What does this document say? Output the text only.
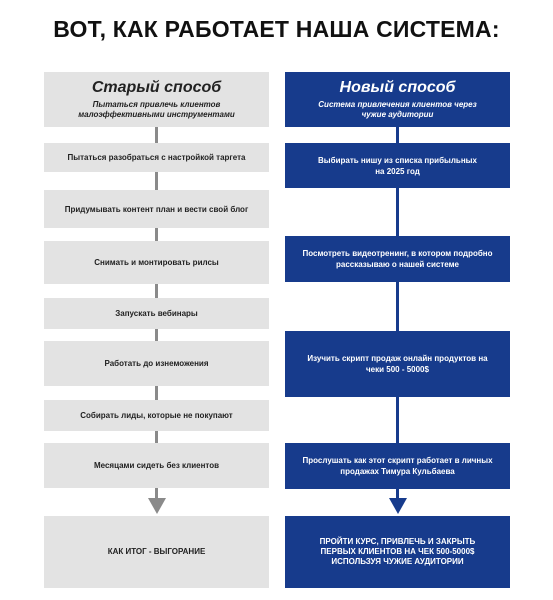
ВОТ, КАК РАБОТАЕТ НАША СИСТЕМА:
Старый способ
Пытаться привлечь клиентов малоэффективными инструментами
Пытаться разобраться с настройкой таргета
Придумывать контент план и вести свой блог
Снимать и монтировать рилсы
Запускать вебинары
Работать до изнеможения
Собирать лиды, которые не покупают
Месяцами сидеть без клиентов
КАК ИТОГ - ВЫГОРАНИЕ
Новый способ
Система привлечения клиентов через чужие аудитории
Выбирать нишу из списка прибыльных на 2025 год
Посмотреть видеотренинг, в котором подробно рассказываю о нашей системе
Изучить скрипт продаж онлайн продуктов на чеки 500 - 5000$
Прослушать как этот скрипт работает в личных продажах Тимура Кульбаева
ПРОЙТИ КУРС, ПРИВЛЕЧЬ И ЗАКРЫТЬ ПЕРВЫХ КЛИЕНТОВ НА ЧЕК 500-5000$ ИСПОЛЬЗУЯ ЧУЖИЕ АУДИТОРИИ
